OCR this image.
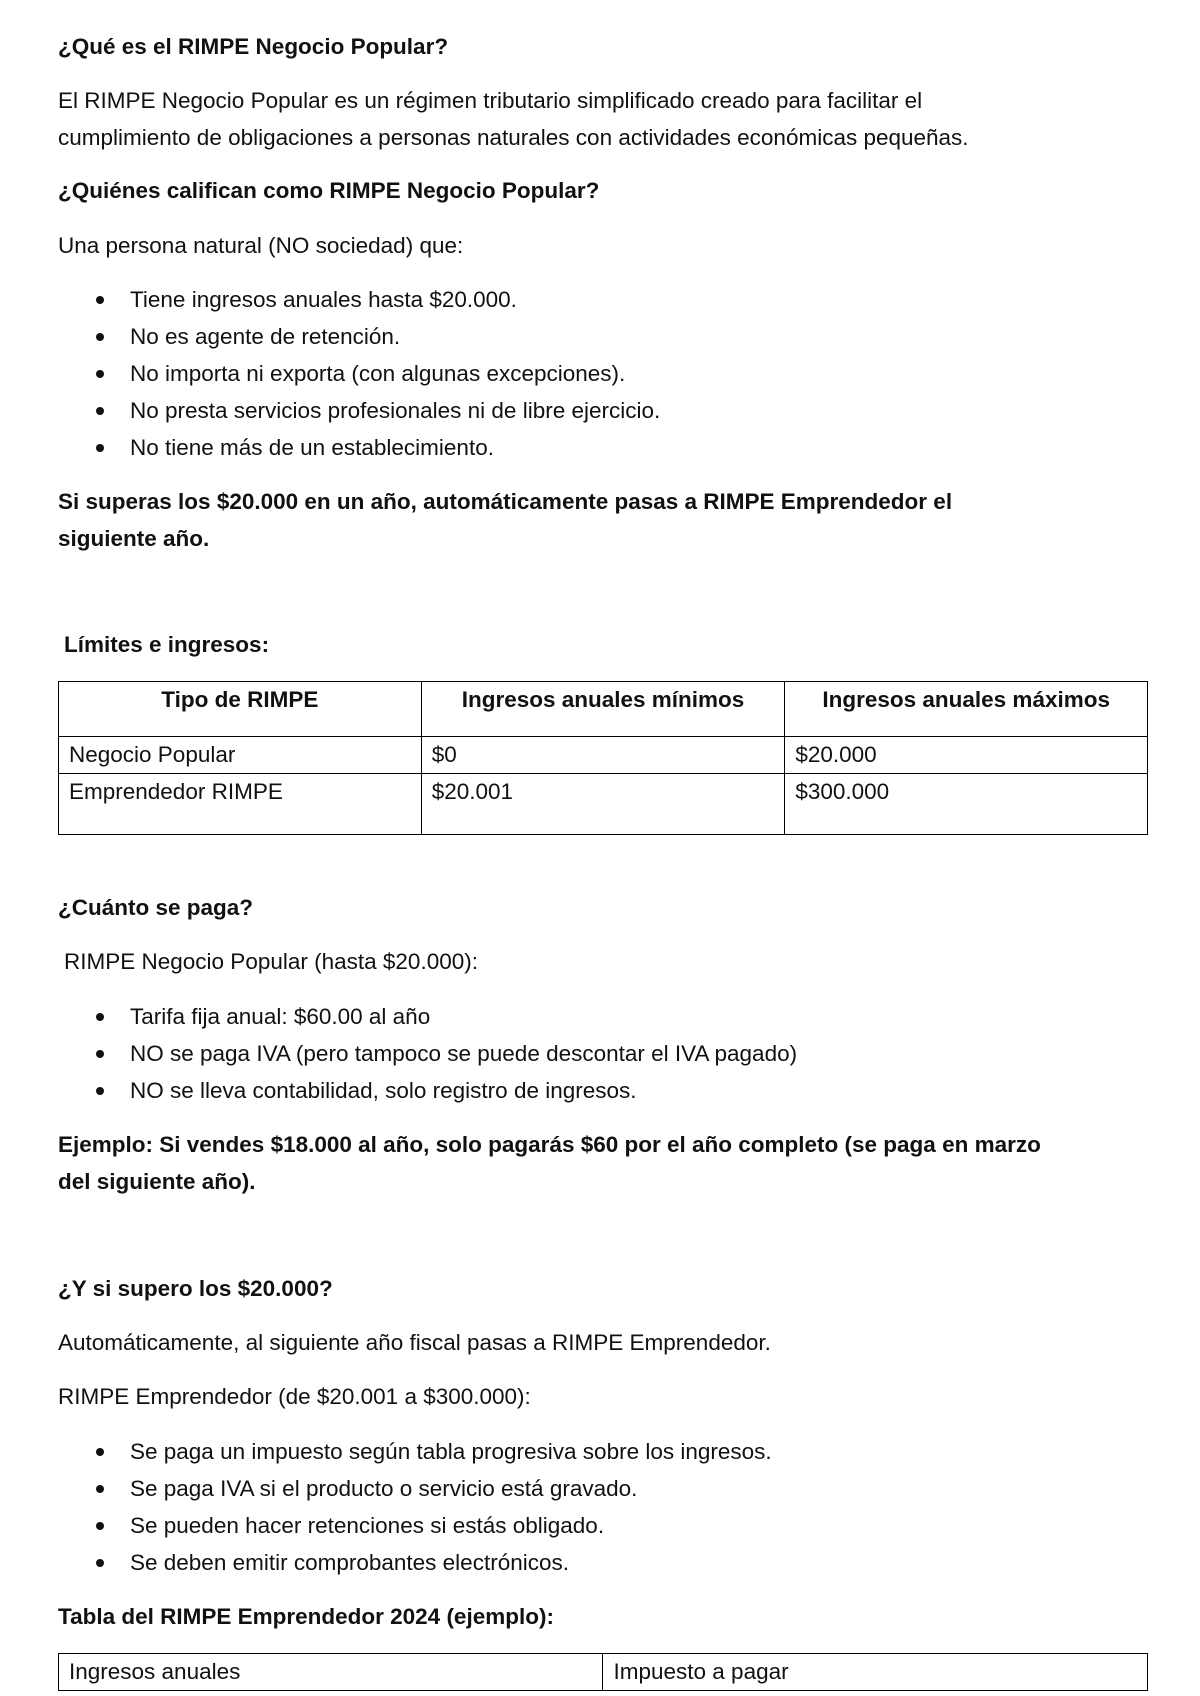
¿Qué es el RIMPE Negocio Popular?

El RIMPE Negocio Popular es un régimen tributario simplificado creado para facilitar el

cumplimiento de obligaciones a personas naturales con actividades económicas pequeñas.

¿Quiénes califican como RIMPE Negocio Popular?

Una persona natural (NO sociedad) que:

Tiene ingresos anuales hasta $20.000.

No es agente de retención.

No importa ni exporta (con algunas excepciones).

No presta servicios profesionales ni de libre ejercicio.

No tiene más de un establecimiento.

Si superas los $20.000 en un año, automáticamente pasas a RIMPE Emprendedor el

siguiente año.

Límites e ingresos:

Tipo de RIMPE	Ingresos anuales mínimos	Ingresos anuales máximos
Negocio Popular	$0	$20.000
Emprendedor RIMPE	$20.001	$300.000

¿Cuánto se paga?

RIMPE Negocio Popular (hasta $20.000):

Tarifa fija anual: $60.00 al año

NO se paga IVA (pero tampoco se puede descontar el IVA pagado)

NO se lleva contabilidad, solo registro de ingresos.

Ejemplo: Si vendes $18.000 al año, solo pagarás $60 por el año completo (se paga en marzo

del siguiente año).

¿Y si supero los $20.000?

Automáticamente, al siguiente año fiscal pasas a RIMPE Emprendedor.

RIMPE Emprendedor (de $20.001 a $300.000):

Se paga un impuesto según tabla progresiva sobre los ingresos.

Se paga IVA si el producto o servicio está gravado.

Se pueden hacer retenciones si estás obligado.

Se deben emitir comprobantes electrónicos.

Tabla del RIMPE Emprendedor 2024 (ejemplo):

Ingresos anuales	Impuesto a pagar
